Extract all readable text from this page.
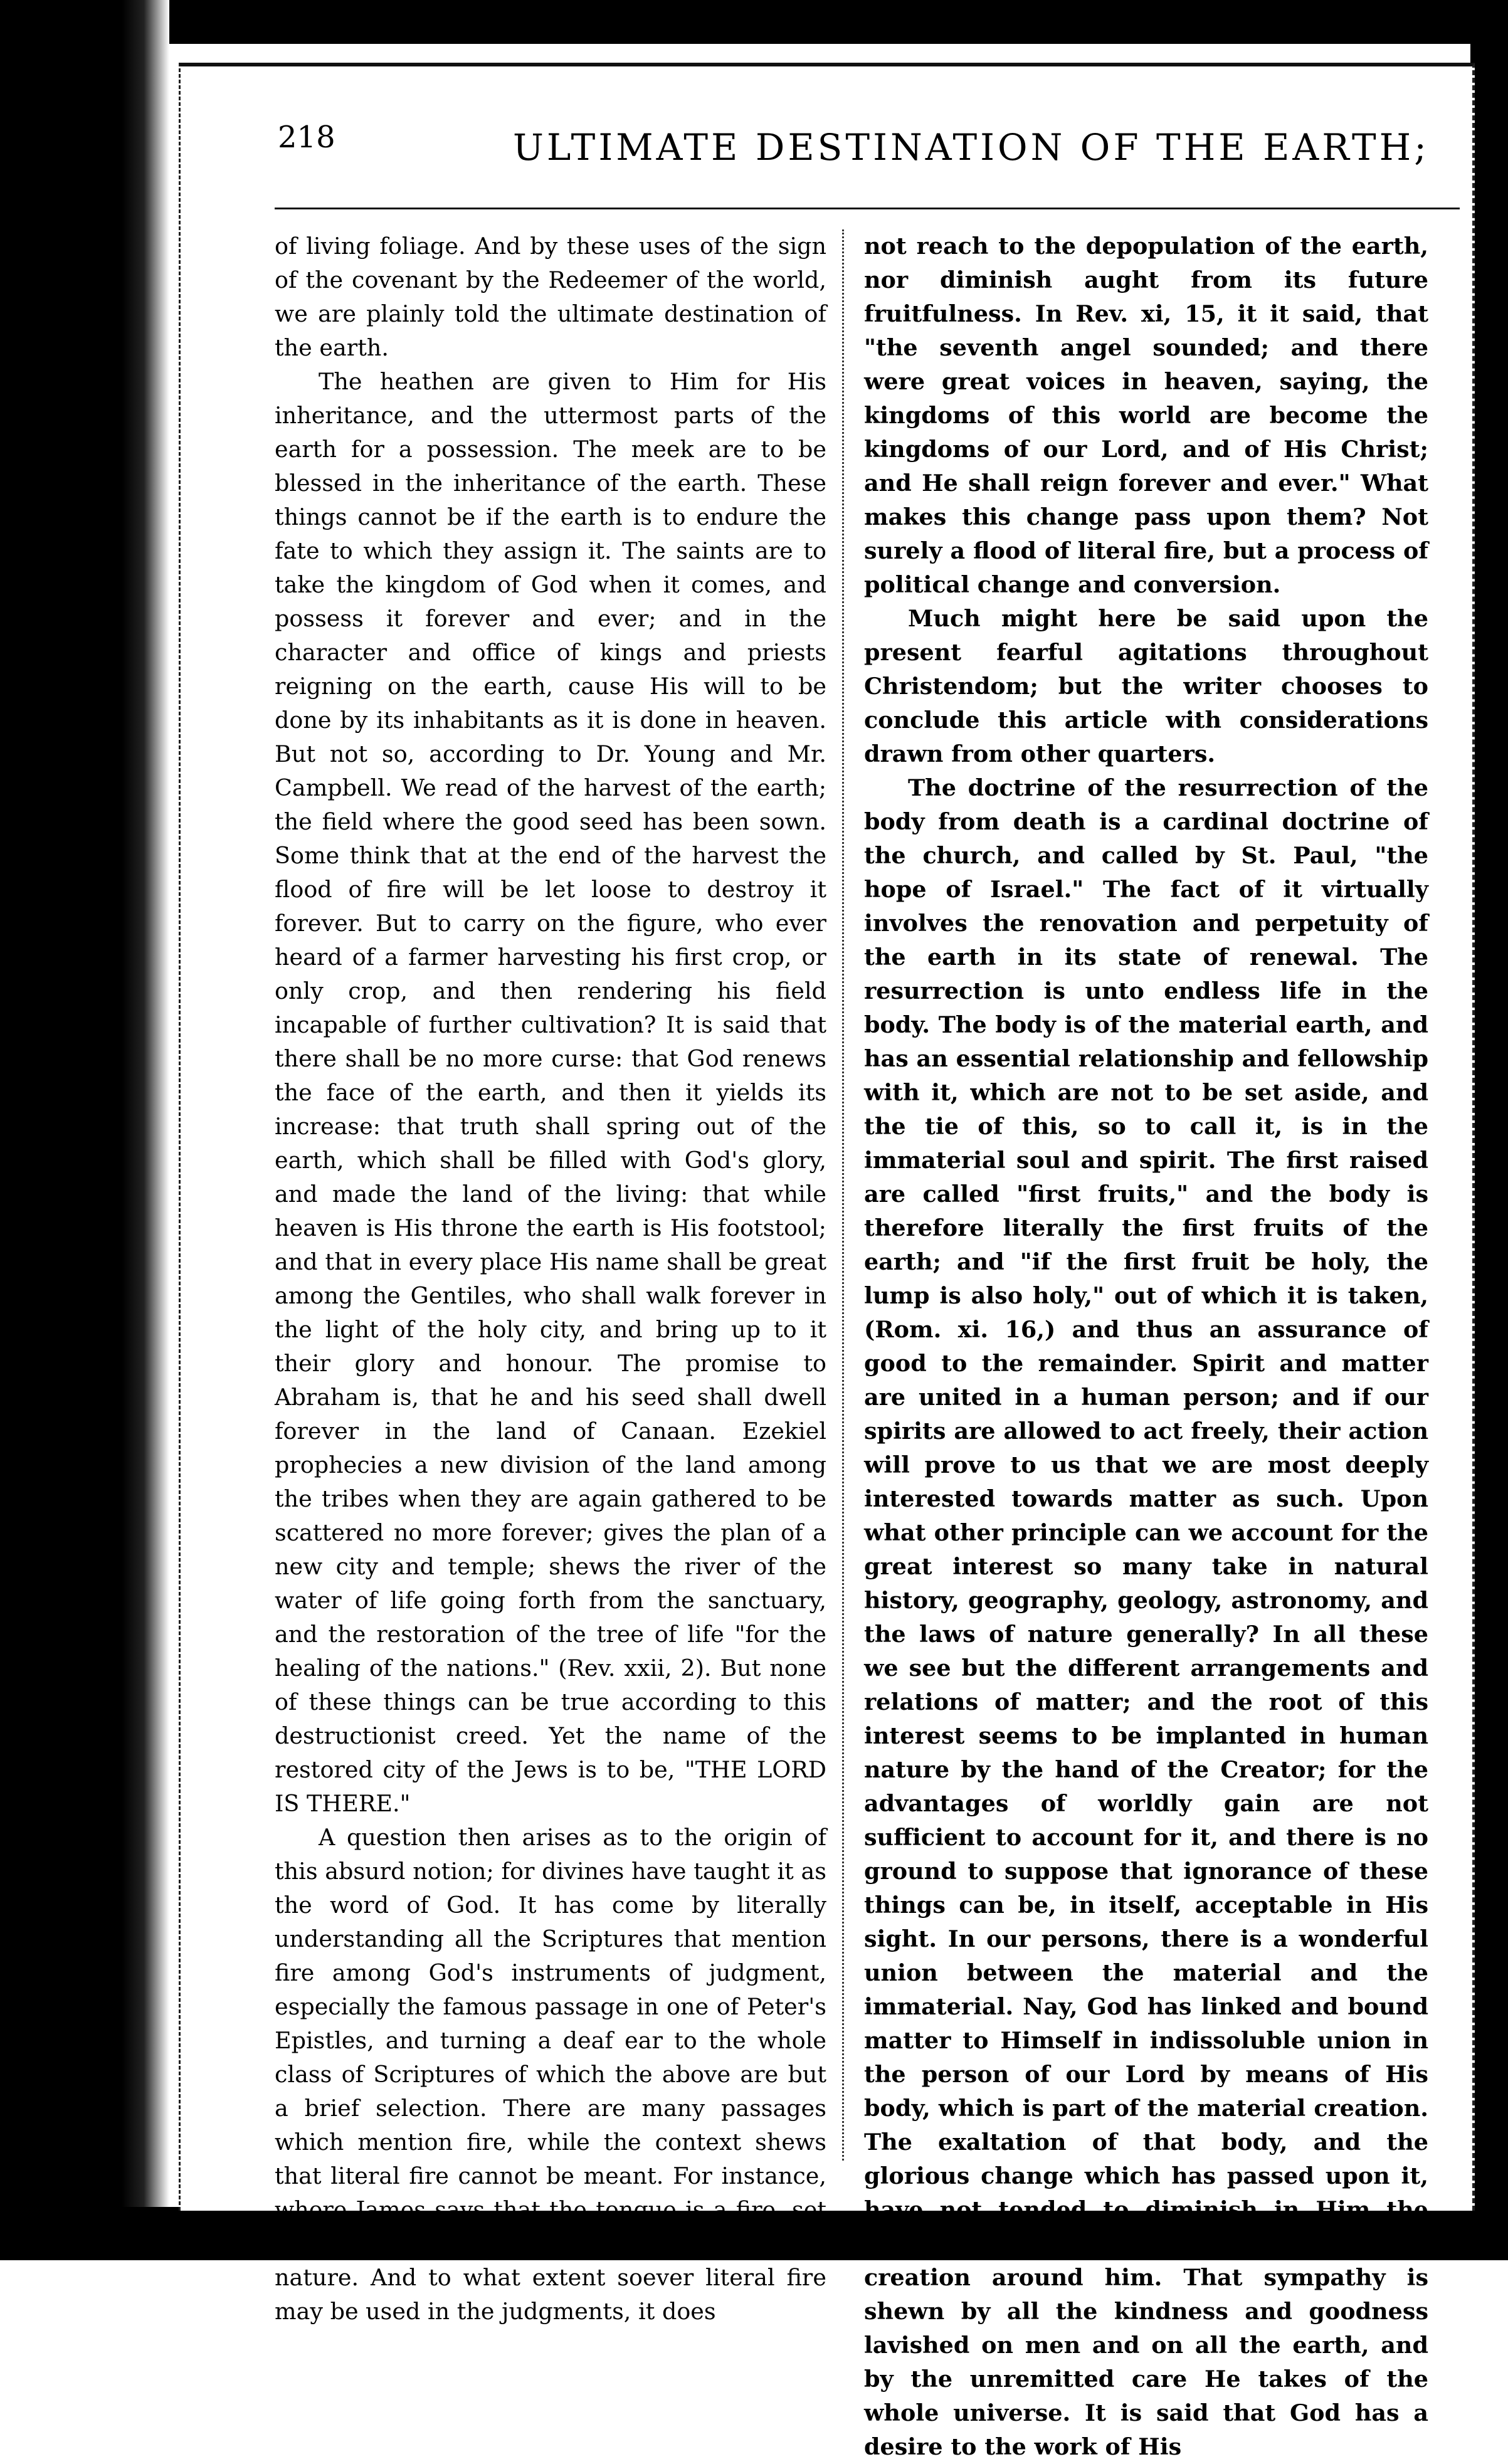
218	ULTIMATE DESTINATION OF THE EARTH;

of living foliage. And by these uses of the sign of the covenant by the Redeemer of the world, we are plainly told the ultimate destination of the earth.

The heathen are given to Him for His inheritance, and the uttermost parts of the earth for a possession. The meek are to be blessed in the inheritance of the earth. These things cannot be if the earth is to endure the fate to which they assign it. The saints are to take the kingdom of God when it comes, and possess it forever and ever; and in the character and office of kings and priests reigning on the earth, cause His will to be done by its inhabitants as it is done in heaven. But not so, according to Dr. Young and Mr. Campbell. We read of the harvest of the earth; the field where the good seed has been sown. Some think that at the end of the harvest the flood of fire will be let loose to destroy it forever. But to carry on the figure, who ever heard of a farmer harvesting his first crop, or only crop, and then rendering his field incapable of further cultivation? It is said that there shall be no more curse: that God renews the face of the earth, and then it yields its increase: that truth shall spring out of the earth, which shall be filled with God's glory, and made the land of the living: that while heaven is His throne the earth is His footstool; and that in every place His name shall be great among the Gentiles, who shall walk forever in the light of the holy city, and bring up to it their glory and honour. The promise to Abraham is, that he and his seed shall dwell forever in the land of Canaan. Ezekiel prophecies a new division of the land among the tribes when they are again gathered to be scattered no more forever; gives the plan of a new city and temple; shews the river of the water of life going forth from the sanctuary, and the restoration of the tree of life "for the healing of the nations." (Rev. xxii, 2). But none of these things can be true according to this destructionist creed. Yet the name of the restored city of the Jews is to be, "THE LORD IS THERE."

A question then arises as to the origin of this absurd notion; for divines have taught it as the word of God. It has come by literally understanding all the Scriptures that mention fire among God's instruments of judgment, especially the famous passage in one of Peter's Epistles, and turning a deaf ear to the whole class of Scriptures of which the above are but a brief selection. There are many passages which mention fire, while the context shews that literal fire cannot be meant. For instance, where James says that the tongue is a fire, set on fire of hell, and setting on fire the course of nature. And to what extent soever literal fire may be used in the judgments, it does

not reach to the depopulation of the earth, nor diminish aught from its future fruitfulness. In Rev. xi, 15, it it said, that "the seventh angel sounded; and there were great voices in heaven, saying, the kingdoms of this world are become the kingdoms of our Lord, and of His Christ; and He shall reign forever and ever." What makes this change pass upon them? Not surely a flood of literal fire, but a process of political change and conversion.

Much might here be said upon the present fearful agitations throughout Christendom; but the writer chooses to conclude this article with considerations drawn from other quarters.

The doctrine of the resurrection of the body from death is a cardinal doctrine of the church, and called by St. Paul, "the hope of Israel." The fact of it virtually involves the renovation and perpetuity of the earth in its state of renewal. The resurrection is unto endless life in the body. The body is of the material earth, and has an essential relationship and fellowship with it, which are not to be set aside, and the tie of this, so to call it, is in the immaterial soul and spirit. The first raised are called "first fruits," and the body is therefore literally the first fruits of the earth; and "if the first fruit be holy, the lump is also holy," out of which it is taken, (Rom. xi. 16,) and thus an assurance of good to the remainder. Spirit and matter are united in a human person; and if our spirits are allowed to act freely, their action will prove to us that we are most deeply interested towards matter as such. Upon what other principle can we account for the great interest so many take in natural history, geography, geology, astronomy, and the laws of nature generally? In all these we see but the different arrangements and relations of matter; and the root of this interest seems to be implanted in human nature by the hand of the Creator; for the advantages of worldly gain are not sufficient to account for it, and there is no ground to suppose that ignorance of these things can be, in itself, acceptable in His sight. In our persons, there is a wonderful union between the material and the immaterial. Nay, God has linked and bound matter to Himself in indissoluble union in the person of our Lord by means of His body, which is part of the material creation. The exaltation of that body, and the glorious change which has passed upon it, have not tended to diminish in Him the sympathy a man feels for the visible creation around him. That sympathy is shewn by all the kindness and goodness lavished on men and on all the earth, and by the unremitted care He takes of the whole universe. It is said that God has a desire to the work of His
